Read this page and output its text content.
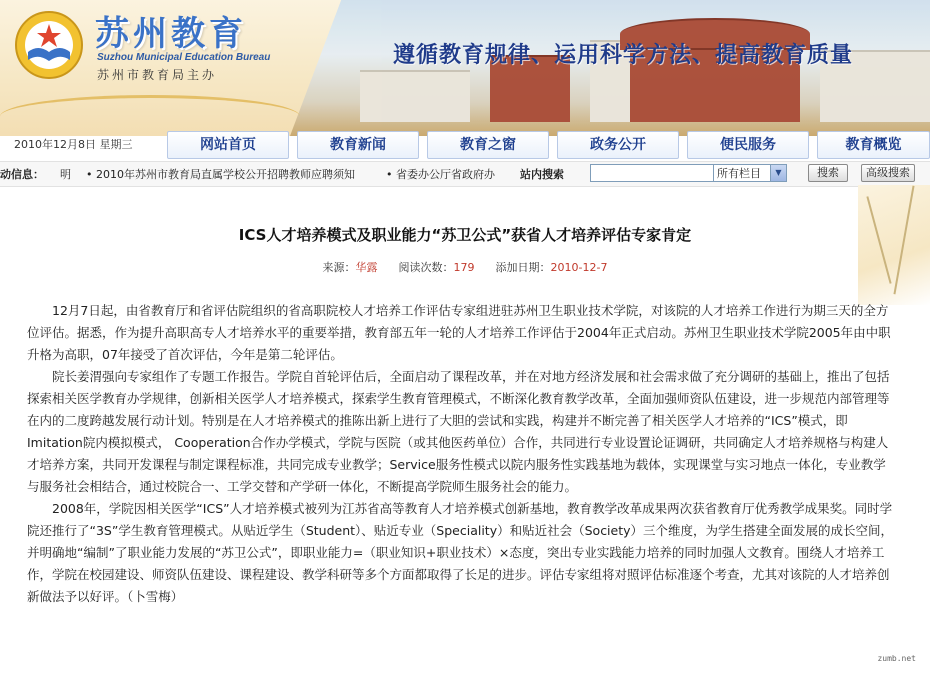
苏州教育
Suzhou Municipal Education Bureau
苏州市教育局主办
遵循教育规律、运用科学方法、提高教育质量
2010年12月8日 星期三	网站首页	教育新闻	教育之窗	政务公开	便民服务	教育概览
动信息： 明 • 2010年苏州市教育局直属学校公开招聘教师应聘须知	• 省委办公厅省政府办 站内搜索	所有栏目	▼	搜索	高级搜索
ICS人才培养模式及职业能力“苏卫公式”获省人才培养评估专家肯定
来源：华露 阅读次数：179 添加日期：2010-12-7

12月7日起，由省教育厅和省评估院组织的省高职院校人才培养工作评估专家组进驻苏州卫生职业技术学院，对该院的人才培养工作进行为期三天的全方位评估。据悉，作为提升高职高专人才培养水平的重要举措，教育部五年一轮的人才培养工作评估于2004年正式启动。苏州卫生职业技术学院2005年由中职升格为高职，07年接受了首次评估，今年是第二轮评估。

院长姜渭强向专家组作了专题工作报告。学院自首轮评估后，全面启动了课程改革，并在对地方经济发展和社会需求做了充分调研的基础上，推出了包括探索相关医学教育办学规律，创新相关医学人才培养模式，探索学生教育管理模式，不断深化教育教学改革，全面加强师资队伍建设，进一步规范内部管理等在内的二度跨越发展行动计划。特别是在人才培养模式的推陈出新上进行了大胆的尝试和实践，构建并不断完善了相关医学人才培养的“ICS”模式，即Imitation院内模拟模式， Cooperation合作办学模式，学院与医院（或其他医药单位）合作，共同进行专业设置论证调研，共同确定人才培养规格与构建人才培养方案，共同开发课程与制定课程标准，共同完成专业教学；Service服务性模式以院内服务性实践基地为载体，实现课堂与实习地点一体化，专业教学与服务社会相结合，通过校院合一、工学交替和产学研一体化，不断提高学院师生服务社会的能力。

2008年，学院因相关医学“ICS”人才培养模式被列为江苏省高等教育人才培养模式创新基地，教育教学改革成果两次获省教育厅优秀教学成果奖。同时学院还推行了“3S”学生教育管理模式。从贴近学生（Student）、贴近专业（Speciality）和贴近社会（Society）三个维度，为学生搭建全面发展的成长空间，并明确地“编制”了职业能力发展的“苏卫公式”，即职业能力=（职业知识+职业技术）×态度，突出专业实践能力培养的同时加强人文教育。围绕人才培养工作，学院在校园建设、师资队伍建设、课程建设、教学科研等多个方面都取得了长足的进步。评估专家组将对照评估标准逐个考查，尤其对该院的人才培养创新做法予以好评。（卜雪梅）

zumb.net
